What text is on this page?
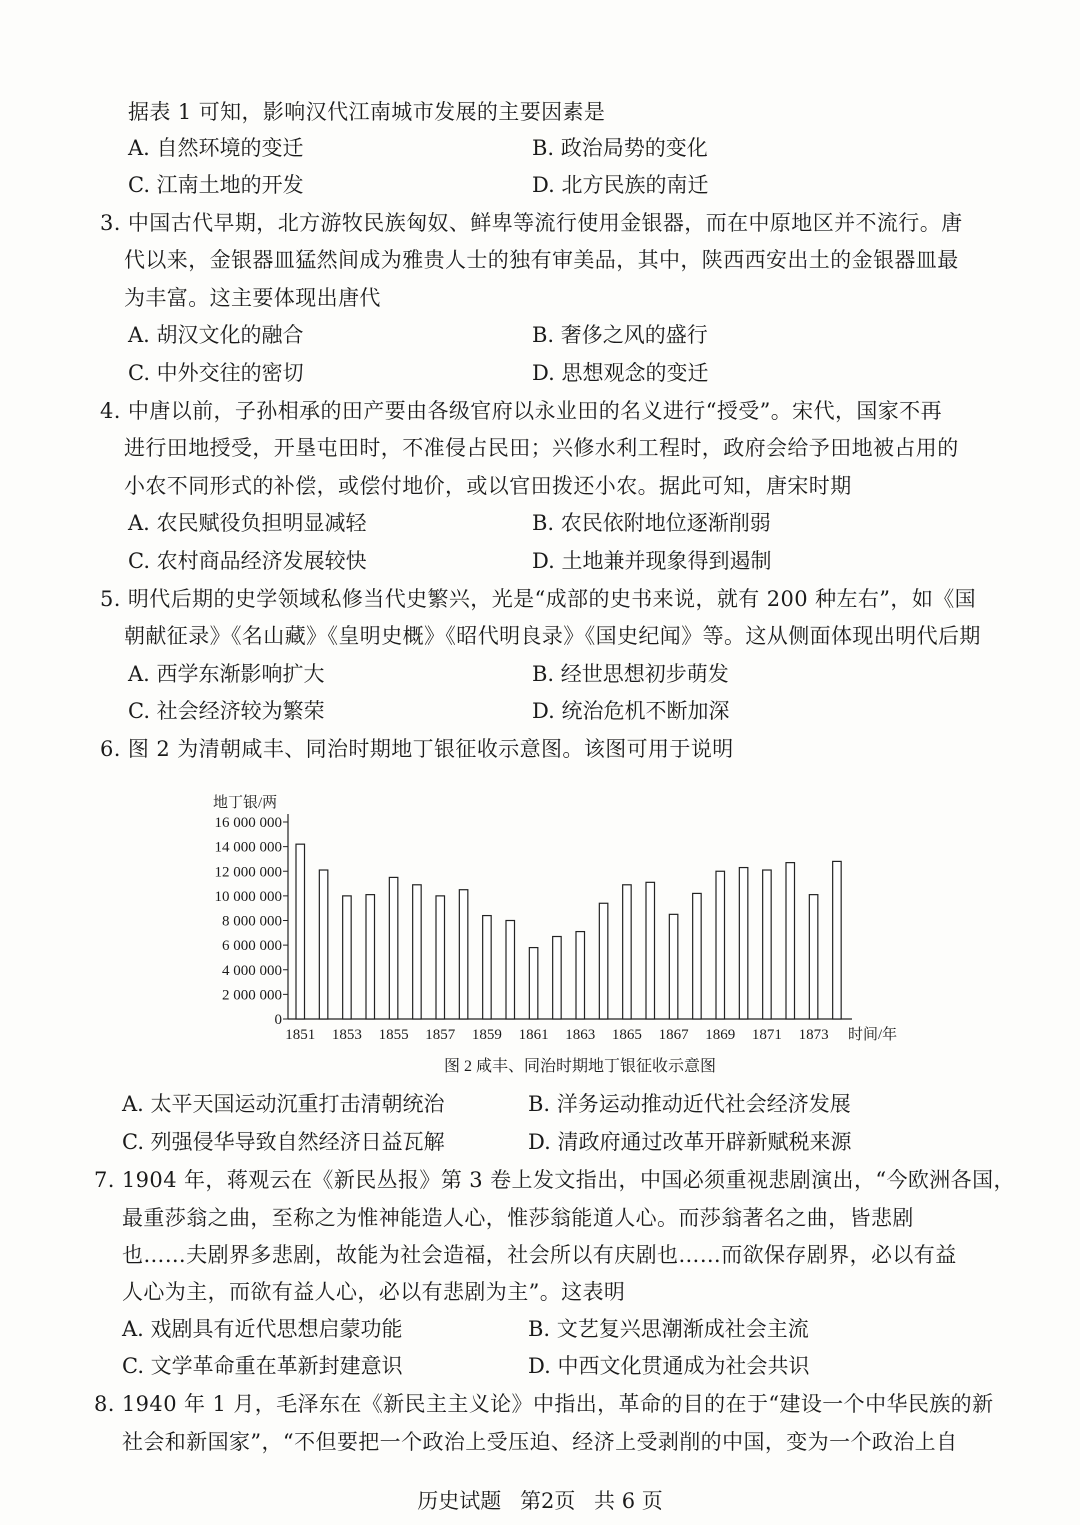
据表 1 可知，影响汉代江南城市发展的主要因素是
A. 自然环境的变迁	B. 政治局势的变化
C. 江南土地的开发	D. 北方民族的南迁
3. 中国古代早期，北方游牧民族匈奴、鲜卑等流行使用金银器，而在中原地区并不流行。唐
代以来，金银器皿猛然间成为雅贵人士的独有审美品，其中，陕西西安出土的金银器皿最
为丰富。这主要体现出唐代
A. 胡汉文化的融合	B. 奢侈之风的盛行
C. 中外交往的密切	D. 思想观念的变迁
4. 中唐以前，子孙相承的田产要由各级官府以永业田的名义进行“授受”。宋代，国家不再
进行田地授受，开垦屯田时，不准侵占民田；兴修水利工程时，政府会给予田地被占用的
小农不同形式的补偿，或偿付地价，或以官田拨还小农。据此可知，唐宋时期
A. 农民赋役负担明显减轻	B. 农民依附地位逐渐削弱
C. 农村商品经济发展较快	D. 土地兼并现象得到遏制
5. 明代后期的史学领域私修当代史繁兴，光是“成部的史书来说，就有 200 种左右”，如《国
朝献征录》《名山藏》《皇明史概》《昭代明良录》《国史纪闻》等。这从侧面体现出明代后期
A. 西学东渐影响扩大	B. 经世思想初步萌发
C. 社会经济较为繁荣	D. 统治危机不断加深
6. 图 2 为清朝咸丰、同治时期地丁银征收示意图。该图可用于说明
16 000 000
14 000 000
12 000 000
10 000 000
8 000 000
6 000 000
4 000 000
2 000 000
0
地丁银/两
1851 1853 1855 1857 1859 1861 1863 1865 1867 1869 1871 1873 时间/年
图 2 咸丰、同治时期地丁银征收示意图
A. 太平天国运动沉重打击清朝统治	B. 洋务运动推动近代社会经济发展
C. 列强侵华导致自然经济日益瓦解	D. 清政府通过改革开辟新赋税来源
7. 1904 年，蒋观云在《新民丛报》第 3 卷上发文指出，中国必须重视悲剧演出，“今欧洲各国，
最重莎翁之曲，至称之为惟神能造人心，惟莎翁能道人心。而莎翁著名之曲，皆悲剧
也……夫剧界多悲剧，故能为社会造福，社会所以有庆剧也……而欲保存剧界，必以有益
人心为主，而欲有益人心，必以有悲剧为主”。这表明
A. 戏剧具有近代思想启蒙功能	B. 文艺复兴思潮渐成社会主流
C. 文学革命重在革新封建意识	D. 中西文化贯通成为社会共识
8. 1940 年 1 月，毛泽东在《新民主主义论》中指出，革命的目的在于“建设一个中华民族的新
社会和新国家”，“不但要把一个政治上受压迫、经济上受剥削的中国，变为一个政治上自
历史试题 第2页 共 6 页
